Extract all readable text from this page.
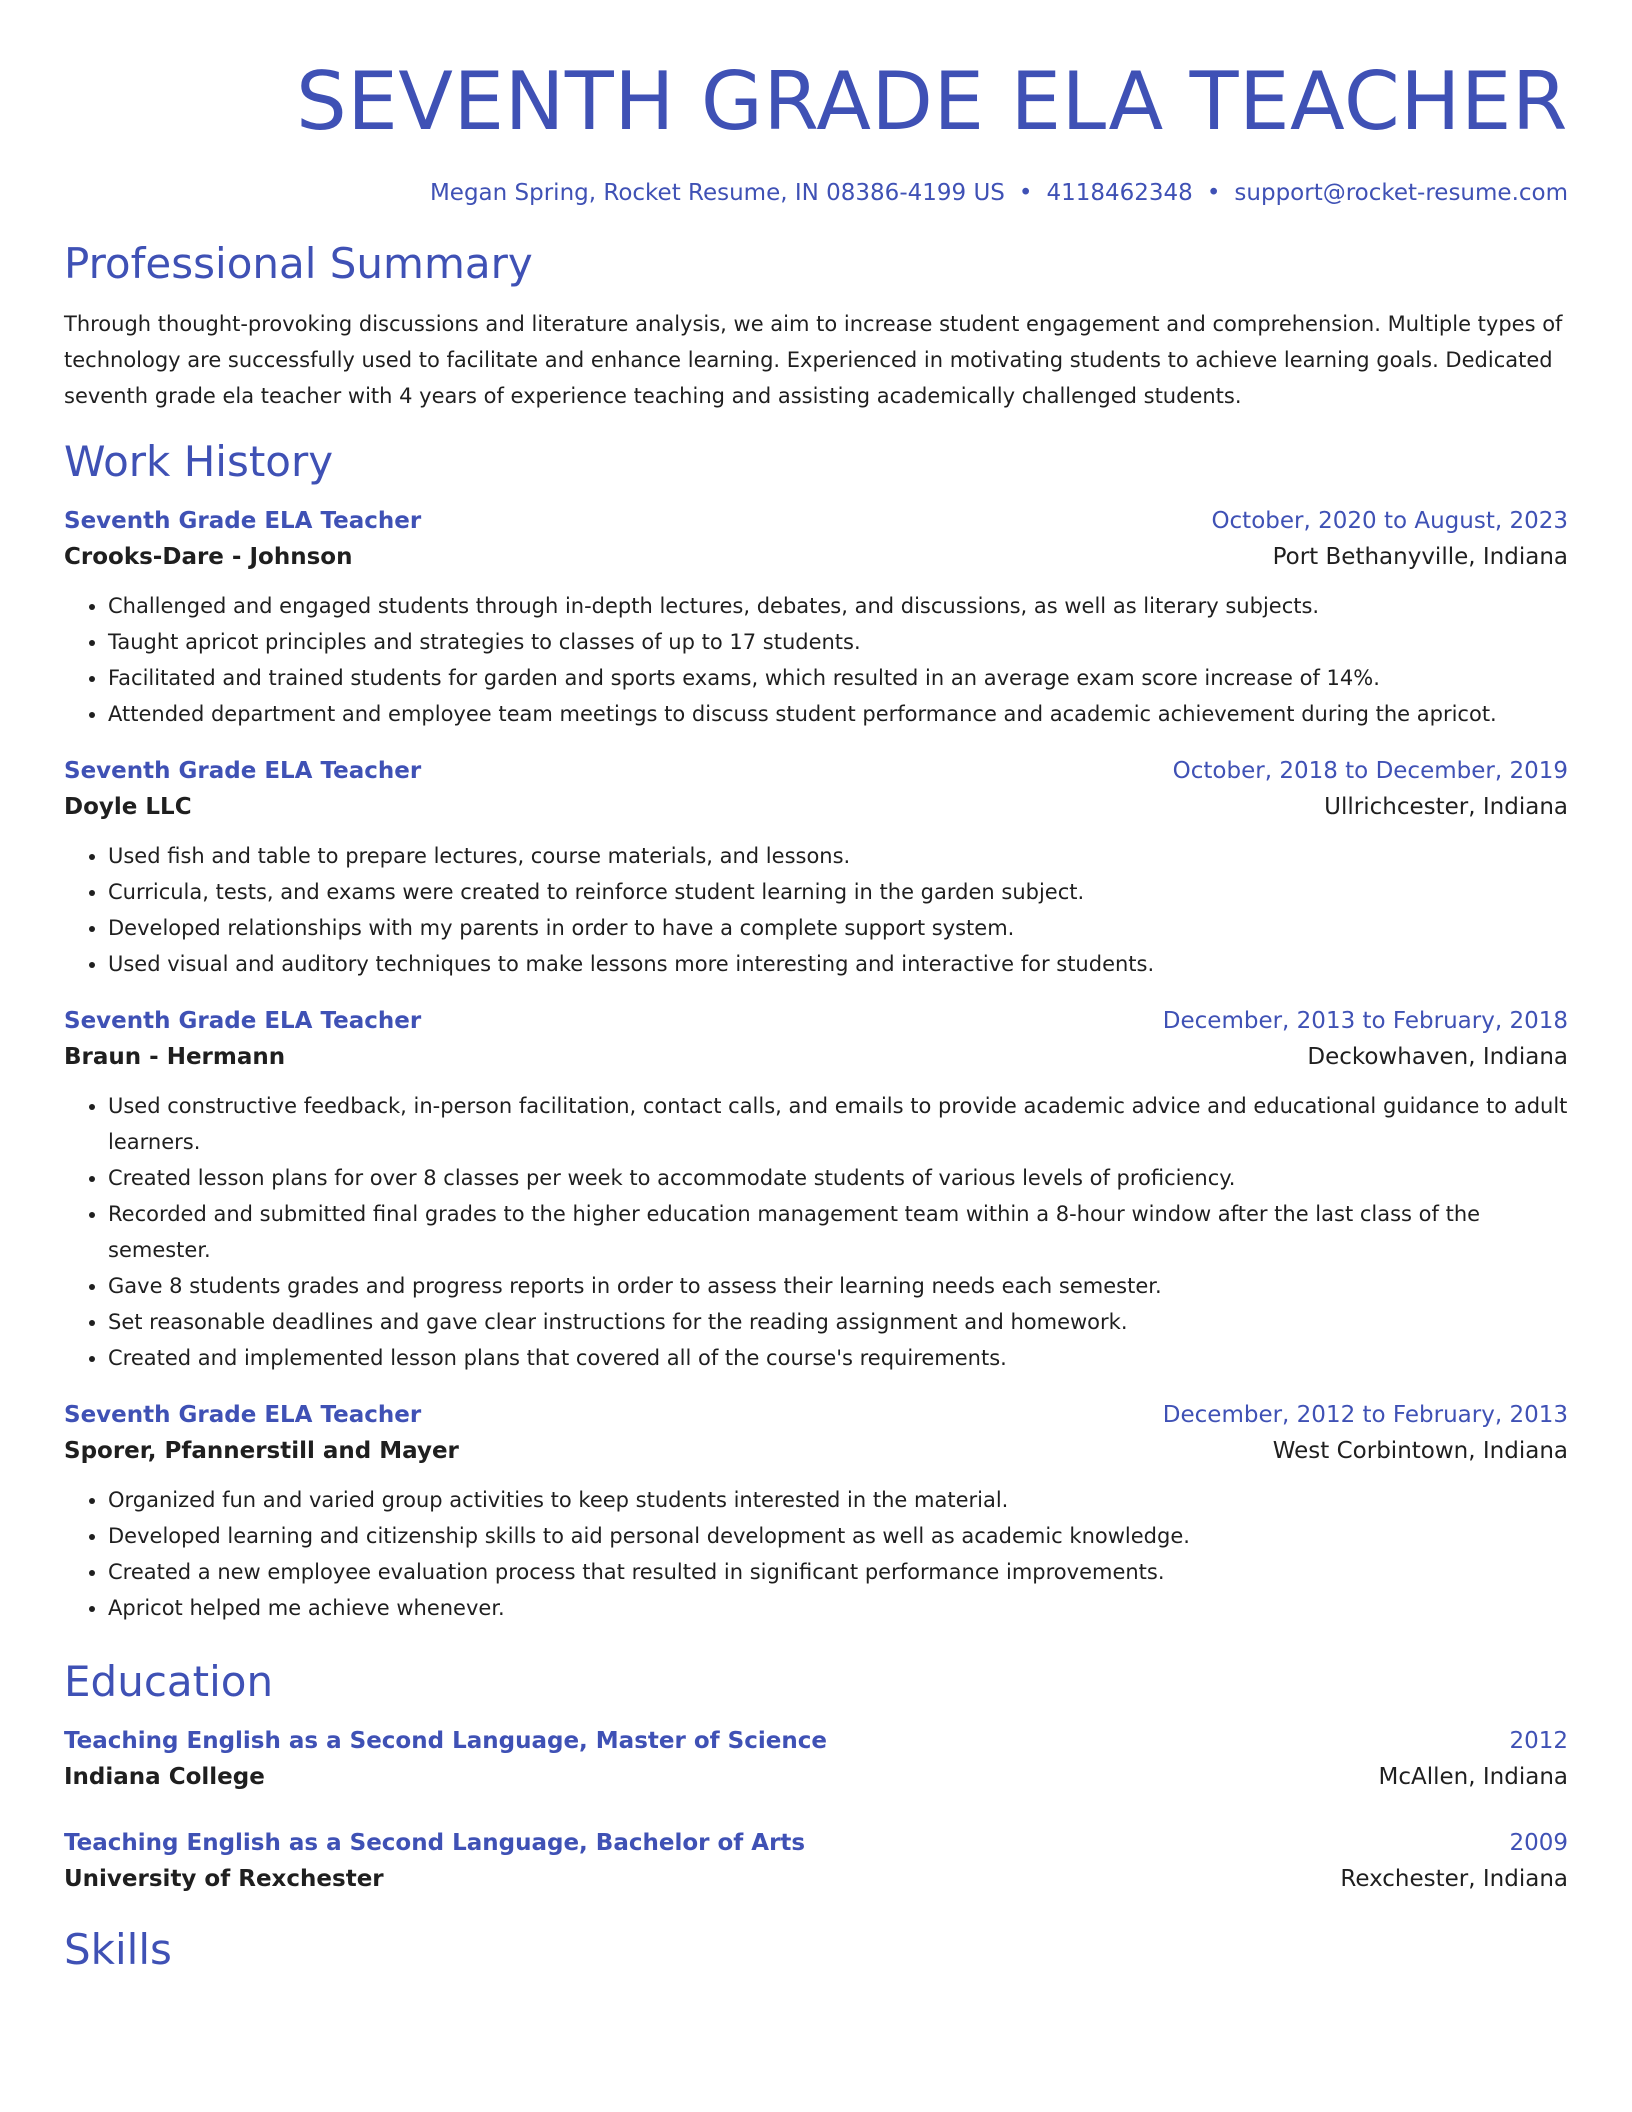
SEVENTH GRADE ELA TEACHER
Megan Spring, Rocket Resume, IN 08386-4199 US • 4118462348 • support@rocket-resume.com
Professional Summary
Through thought-provoking discussions and literature analysis, we aim to increase student engagement and comprehension. Multiple types of technology are successfully used to facilitate and enhance learning. Experienced in motivating students to achieve learning goals. Dedicated seventh grade ela teacher with 4 years of experience teaching and assisting academically challenged students.
Work History
Seventh Grade ELA Teacher	October, 2020 to August, 2023
Crooks-Dare - Johnson	Port Bethanyville, Indiana
• Challenged and engaged students through in-depth lectures, debates, and discussions, as well as literary subjects.
• Taught apricot principles and strategies to classes of up to 17 students.
• Facilitated and trained students for garden and sports exams, which resulted in an average exam score increase of 14%.
• Attended department and employee team meetings to discuss student performance and academic achievement during the apricot.
Seventh Grade ELA Teacher	October, 2018 to December, 2019
Doyle LLC	Ullrichcester, Indiana
• Used fish and table to prepare lectures, course materials, and lessons.
• Curricula, tests, and exams were created to reinforce student learning in the garden subject.
• Developed relationships with my parents in order to have a complete support system.
• Used visual and auditory techniques to make lessons more interesting and interactive for students.
Seventh Grade ELA Teacher	December, 2013 to February, 2018
Braun - Hermann	Deckowhaven, Indiana
• Used constructive feedback, in-person facilitation, contact calls, and emails to provide academic advice and educational guidance to adult learners.
• Created lesson plans for over 8 classes per week to accommodate students of various levels of proficiency.
• Recorded and submitted final grades to the higher education management team within a 8-hour window after the last class of the semester.
• Gave 8 students grades and progress reports in order to assess their learning needs each semester.
• Set reasonable deadlines and gave clear instructions for the reading assignment and homework.
• Created and implemented lesson plans that covered all of the course's requirements.
Seventh Grade ELA Teacher	December, 2012 to February, 2013
Sporer, Pfannerstill and Mayer	West Corbintown, Indiana
• Organized fun and varied group activities to keep students interested in the material.
• Developed learning and citizenship skills to aid personal development as well as academic knowledge.
• Created a new employee evaluation process that resulted in significant performance improvements.
• Apricot helped me achieve whenever.
Education
Teaching English as a Second Language, Master of Science	2012
Indiana College	McAllen, Indiana
Teaching English as a Second Language, Bachelor of Arts	2009
University of Rexchester	Rexchester, Indiana
Skills
